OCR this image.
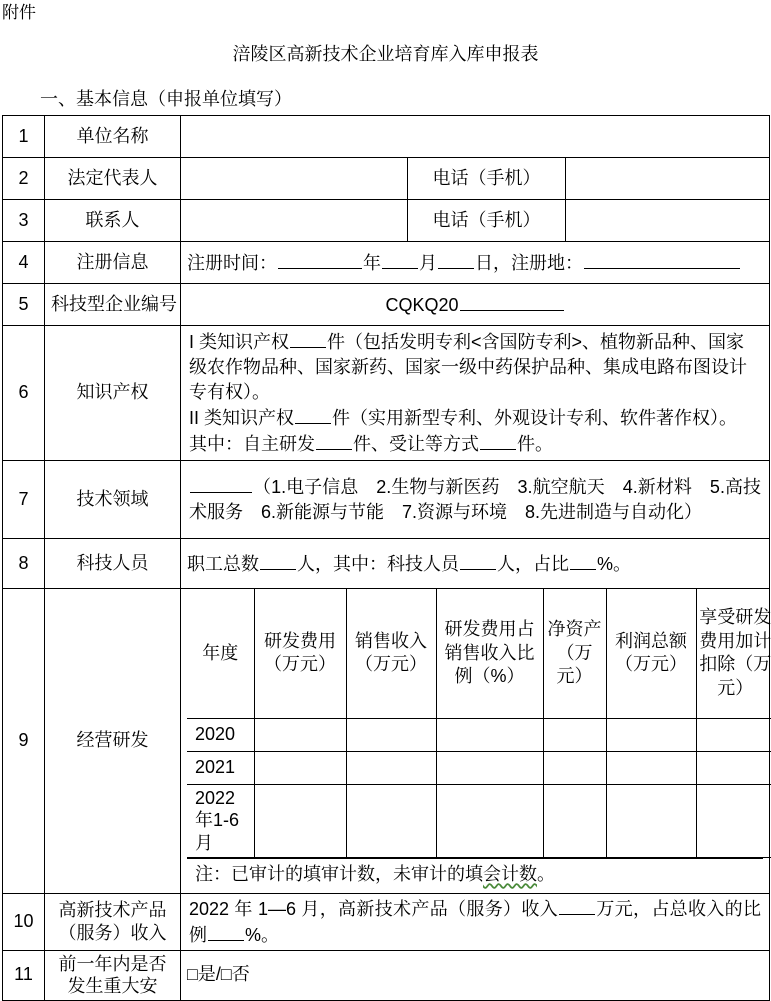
附件
涪陵区高新技术企业培育库入库申报表
一、基本信息（申报单位填写）
1	单位名称	
2	法定代表人		电话（手机）	
3	联系人		电话（手机）	
4	注册信息	注册时间：	年 月 日，注册地：
5	科技型企业编号	CQKQ20
6	知识产权	I 类知识产权 件（包括发明专利<含国防专利>、植物新品种、国家级农作物品种、国家新药、国家一级中药保护品种、集成电路布图设计专有权）。
II 类知识产权 件（实用新型专利、外观设计专利、软件著作权）。
其中：自主研发 件、受让等方式 件。
7	技术领域	（1.电子信息　2.生物与新医药　3.航空航天　4.新材料　5.高技术服务　6.新能源与节能　7.资源与环境　8.先进制造与自动化）
8	科技人员	职工总数 人，其中：科技人员 人，占比 %。
9	经营研发	
年度	研发费用（万元）	销售收入（万元）	研发费用占销售收入比例（%）	净资产（万元）	利润总额（万元）	享受研发费用加计扣除（万元）
2020						
2021						
2022年1-6月						
注：已审计的填审计数，未审计的填会计数。

10	高新技术产品（服务）收入	2022 年 1—6 月，高新技术产品（服务）收入 万元，占总收入的比例 %。
11	前一年内是否发生重大安	□是/□否
